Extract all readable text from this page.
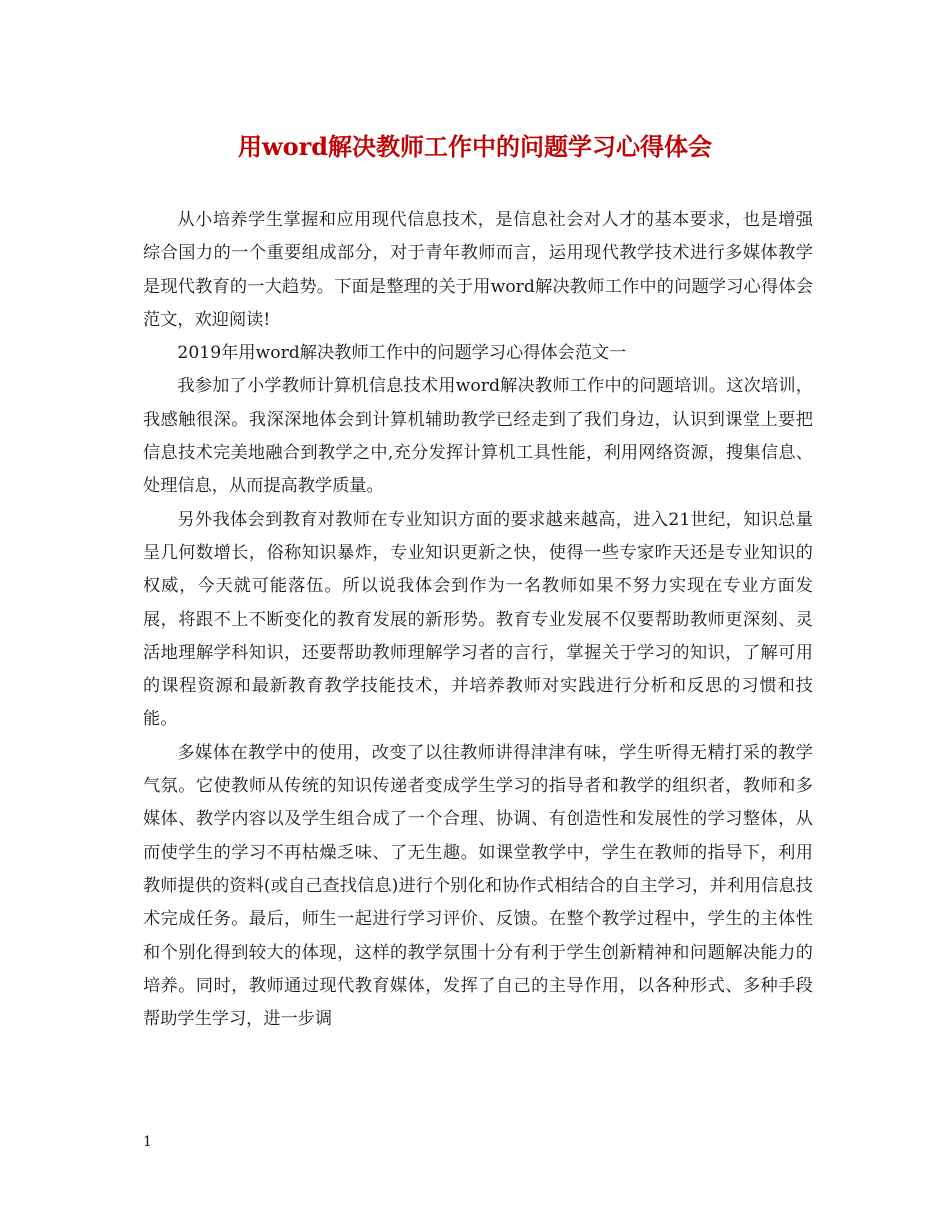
用word解决教师工作中的问题学习心得体会

从小培养学生掌握和应用现代信息技术，是信息社会对人才的基本要求，也是增强综合国力的一个重要组成部分，对于青年教师而言，运用现代教学技术进行多媒体教学是现代教育的一大趋势。下面是整理的关于用word解决教师工作中的问题学习心得体会范文，欢迎阅读!

2019年用word解决教师工作中的问题学习心得体会范文一

我参加了小学教师计算机信息技术用word解决教师工作中的问题培训。这次培训，我感触很深。我深深地体会到计算机辅助教学已经走到了我们身边，认识到课堂上要把信息技术完美地融合到教学之中,充分发挥计算机工具性能，利用网络资源，搜集信息、处理信息，从而提高教学质量。

另外我体会到教育对教师在专业知识方面的要求越来越高，进入21世纪，知识总量呈几何数增长，俗称知识暴炸，专业知识更新之快，使得一些专家昨天还是专业知识的权威，今天就可能落伍。所以说我体会到作为一名教师如果不努力实现在专业方面发展，将跟不上不断变化的教育发展的新形势。教育专业发展不仅要帮助教师更深刻、灵活地理解学科知识，还要帮助教师理解学习者的言行，掌握关于学习的知识，了解可用的课程资源和最新教育教学技能技术，并培养教师对实践进行分析和反思的习惯和技能。

多媒体在教学中的使用，改变了以往教师讲得津津有味，学生听得无精打采的教学气氛。它使教师从传统的知识传递者变成学生学习的指导者和教学的组织者，教师和多媒体、教学内容以及学生组合成了一个合理、协调、有创造性和发展性的学习整体，从而使学生的学习不再枯燥乏味、了无生趣。如课堂教学中，学生在教师的指导下，利用教师提供的资料(或自己查找信息)进行个别化和协作式相结合的自主学习，并利用信息技术完成任务。最后，师生一起进行学习评价、反馈。在整个教学过程中，学生的主体性和个别化得到较大的体现，这样的教学氛围十分有利于学生创新精神和问题解决能力的培养。同时，教师通过现代教育媒体，发挥了自己的主导作用，以各种形式、多种手段帮助学生学习，进一步调

1
